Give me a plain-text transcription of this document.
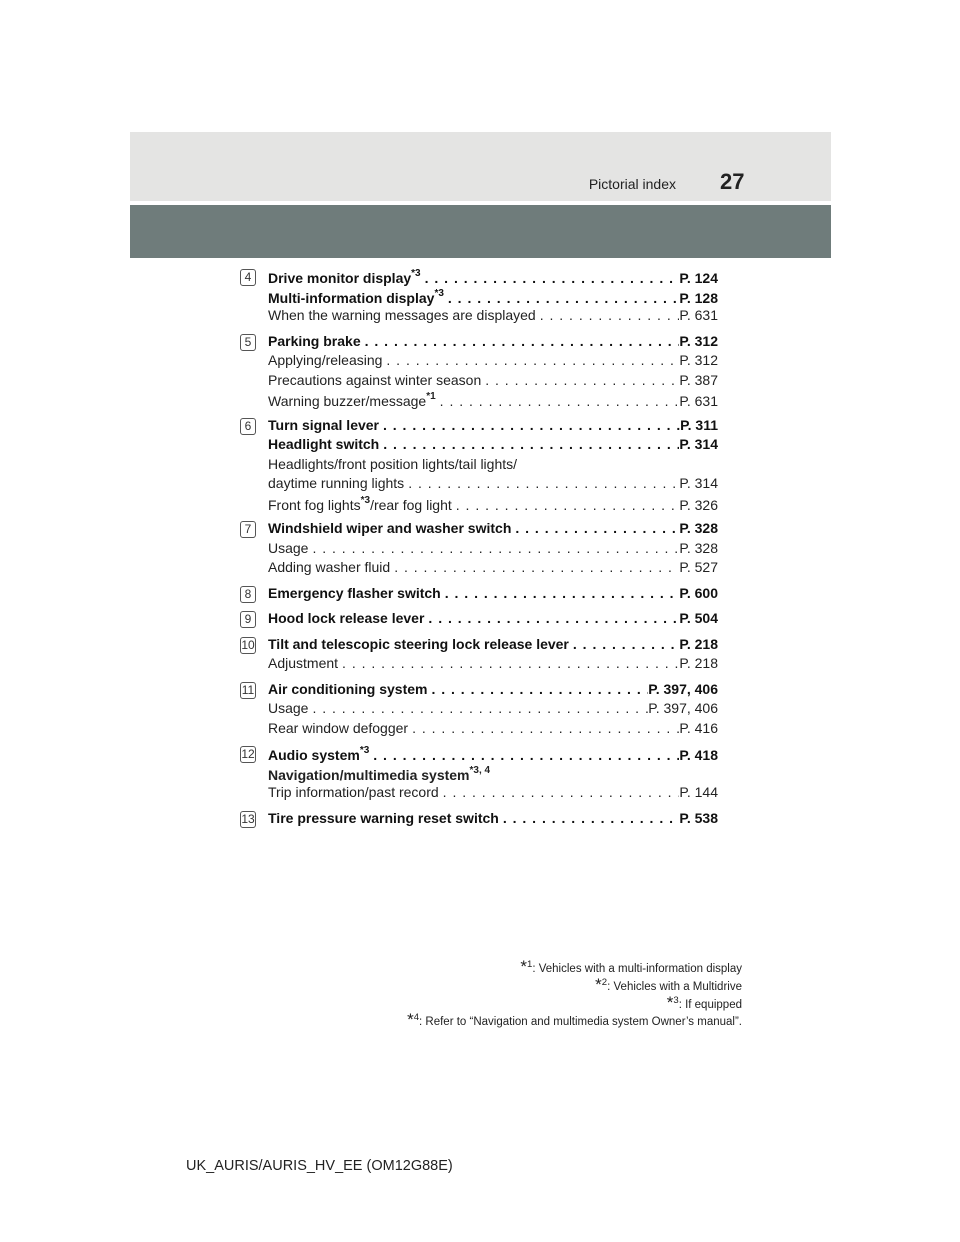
Pictorial index 27
4	Drive monitor display$^{*3}$ . . .	P. 124
Multi-information display$^{*3}$ . . .	P. 128
When the warning messages are displayed . . .	P. 631
5	Parking brake . . .	P. 312
Applying/releasing . . .	P. 312
Precautions against winter season . . .	P. 387
Warning buzzer/message$^{*1}$ . . .	P. 631
6	Turn signal lever . . .	P. 311
Headlight switch . . .	P. 314
Headlights/front position lights/tail lights/
daytime running lights . . .	P. 314
Front fog lights$^{*3}$/rear fog light . . .	P. 326
7	Windshield wiper and washer switch . . .	P. 328
Usage . . .	P. 328
Adding washer fluid . . .	P. 527
8	Emergency flasher switch . . .	P. 600
9	Hood lock release lever . . .	P. 504
10 Tilt and telescopic steering lock release lever . . .	P. 218
Adjustment . . .	P. 218
11 Air conditioning system . . .	P. 397, 406
Usage . . .	P. 397, 406
Rear window defogger . . .	P. 416
12 Audio system$^{*3}$ . . .	P. 418
Navigation/multimedia system$^{*3, 4}$
Trip information/past record . . .	P. 144
13 Tire pressure warning reset switch . . .	P. 538
*$^1$: Vehicles with a multi-information display
*$^2$: Vehicles with a Multidrive
*$^3$: If equipped
*$^4$: Refer to “Navigation and multimedia system Owner’s manual”.
UK_AURIS/AURIS_HV_EE (OM12G88E)
